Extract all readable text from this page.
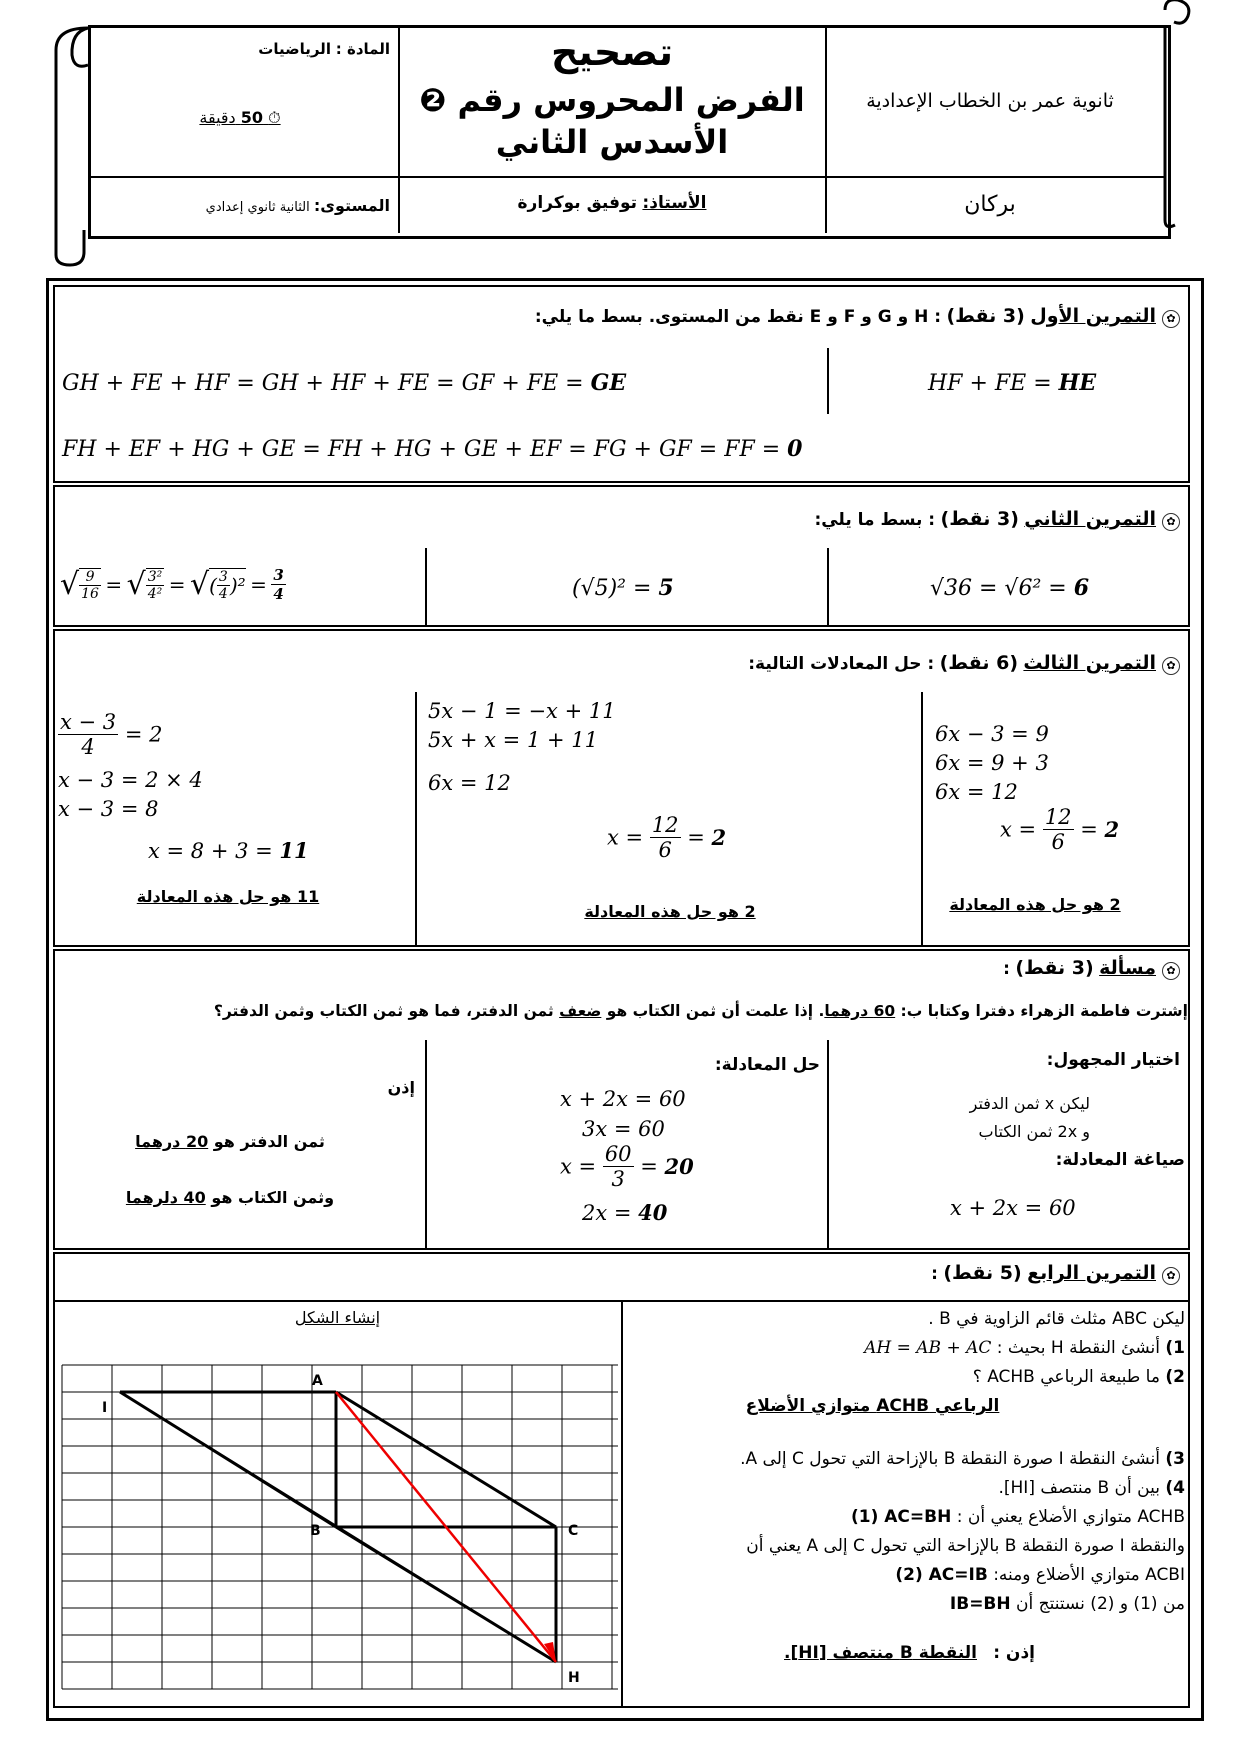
تصحيح
الفرض المحروس رقم ❷
الأسدس الثاني
ثانوية عمر بن الخطاب الإعدادية
المادة : الرياضيات
⏱ 50 دقيقة
المستوى: الثانية ثانوي إعدادي	الأستاذ: توفيق بوكرارة	بركان
✿التمرين الأول (3 نقط) : H و G و F و E نقط من المستوى. بسط ما يلي:
GH + FE + HF = GH + HF + FE = GF + FE = GE	HF + FE = HE
FH + EF + HG + GE = FH + HG + GE + EF = FG + GF = FF = 0
✿التمرين الثاني (3 نقط) : بسط ما يلي:
√36 = √6² = 6
(√5)² = 5
√ $\frac{9}{16}$ = √ $\frac{\text{3²}}{\text{4²}}$ = √( $\frac{3}{4} )^2 = \frac{3}{4}$
✿التمرين الثالث (6 نقط) : حل المعادلات التالية:
6x − 3 = 9
6x = 9 + 3
6x = 12
$x = \frac{12}{6} = 2$
2 هو حل هذه المعادلة
5x − 1 = −x + 11
5x + x = 1 + 11
6x = 12
$x = \frac{12}{6} = 2$
2 هو حل هذه المعادلة
$\frac{x - 3}{4} = 2$
x − 3 = 2 × 4
x − 3 = 8
x = 8 + 3 = 11
11 هو حل هذه المعادلة
✿مسألة (3 نقط) :
إشترت فاطمة الزهراء دفترا وكتابا ب: 60 درهما. إذا علمت أن ثمن الكتاب هو ضعف ثمن الدفتر، فما هو ثمن الكتاب وثمن الدفتر؟
اختيار المجهول:
ليكن x ثمن الدفتر
و 2x ثمن الكتاب
صياغة المعادلة:
x + 2x = 60
حل المعادلة:
x + 2x = 60
3x = 60
$x = \frac{60}{3} = 20$
2x = 40
إذن
ثمن الدفتر هو 20 درهما
وثمن الكتاب هو 40 دلرهما
✿التمرين الرابع (5 نقط) :
إنشاء الشكل
A
B	C
H
I
ليكن ABC مثلث قائم الزاوية في B .
1) أنشئ النقطة H بحيث : AH = AB + AC
2) ما طبيعة الرباعي ACHB ؟
الرباعي ACHB متوازي الأضلاع
3) أنشئ النقطة I صورة النقطة B بالإزاحة التي تحول C إلى A.
4) بين أن B منتصف [HI].
ACHB متوازي الأضلاع يعني أن : (1) AC=BH
والنقطة I صورة النقطة B بالإزاحة التي تحول C إلى A يعني أن
ACBI متوازي الأضلاع ومنه: (2) AC=IB
من (1) و (2) نستنتج أن IB=BH
إذن :   النقطة B منتصف [HI].
